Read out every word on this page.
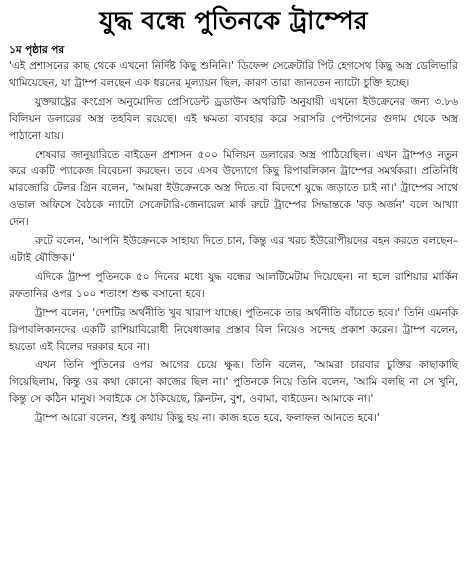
যুদ্ধ বন্ধে পুতিনকে ট্রাম্পের
১ম পৃষ্ঠার পর

'এই প্রশাসনের কাছ থেকে এখনো নির্দিষ্ট কিছু শুনিনি।' ডিফেন্স সেক্রেটারি পিট হেগসেথ কিছু অস্ত্র ডেলিভারি থামিয়েছেন, যা ট্রাম্প বলছেন এক ধরনের মূল্যায়ন ছিল, কারণ তারা জানতেন ন্যাটো চুক্তি হচ্ছে।

যুক্তরাষ্ট্রের কংগ্রেস অনুমোদিত প্রেসিডেন্ট ড্রডাউন অথরিটি অনুযায়ী এখনো ইউক্রেনের জন্য ৩.৮৬ বিলিয়ন ডলারের অস্ত্র তহবিল রয়েছে। এই ক্ষমতা ব্যবহার করে সরাসরি পেন্টাগনের গুদাম থেকে অস্ত্র পাঠানো যায়।

শেষবার জানুয়ারিতে বাইডেন প্রশাসন ৫০০ মিলিয়ন ডলারের অস্ত্র পাঠিয়েছিল। এখন ট্রাম্পও নতুন করে একটি প্যাকেজ বিবেচনা করছেন। তবে এসব উদ্যোগে কিছু রিপাবলিকান ট্রাম্পের সমর্থকরা। প্রতিনিধি মারজোরি টেলর গ্রিন বলেন, 'আমরা ইউক্রেনকে অস্ত্র দিতে বা বিদেশে যুদ্ধে জড়াতে চাই না।' ট্রাম্পের সাথে ওভাল অফিসে বৈঠকে ন্যাটো সেক্রেটারি-জেনারেল মার্ক রুটে ট্রাম্পের সিদ্ধান্তকে 'বড় অর্জন' বলে আখ্যা দেন।

রুটে বলেন, 'আপনি ইউক্রেনকে সাহায্য দিতে চান, কিন্তু এর খরচ ইউরোপীয়দের বহন করতে বলছেন– এটাই যৌক্তিক।'

এদিকে ট্রাম্প পুতিনকে ৫০ দিনের মধ্যে যুদ্ধ বন্ধের আলটিমেটাম দিয়েছেন। না হলে রাশিয়ার মার্কিন রফতানির ওপর ১০০ শতাংশ শুল্ক বসানো হবে।

ট্রাম্প বলেন, 'দেশটির অর্থনীতি খুব খারাপ যাচ্ছে। পুতিনকে তার অর্থনীতি বাঁচাতে হবে।' তিনি এমনকি রিপাবলিকানদের একটি রাশিয়াবিরোধী নিষেধাজ্ঞার প্রস্তাব বিল নিয়েও সন্দেহ প্রকাশ করেন। ট্রাম্প বলেন, হয়তো এই বিলের দরকার হবে না।

এখন তিনি পুতিনের ওপর আগের চেয়ে ক্ষুব্ধ। তিনি বলেন, 'আমরা চারবার চুক্তির কাছাকাছি গিয়েছিলাম, কিন্তু ওর কথা কোনো কাজের ছিল না।' পুতিনকে নিয়ে তিনি বলেন, 'আমি বলছি না সে খুনি, কিন্তু সে কঠিন মানুষ। সবাইকে সে ঠকিয়েছে, ক্লিনটন, বুশ, ওবামা, বাইডেন। আমাকে না।'

ট্রাম্প আরো বলেন, শুধু কথায় কিছু হয় না। কাজ হতে হবে, ফলাফল আনতে হবে।'
